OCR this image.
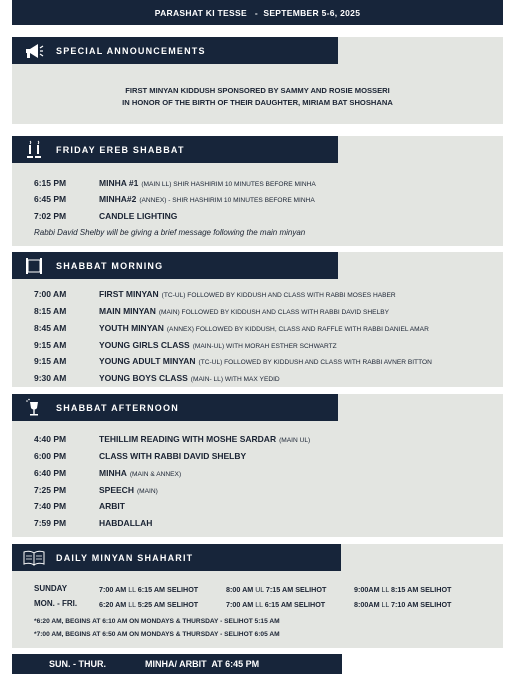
PARASHAT KI TESSE   -  SEPTEMBER 5-6, 2025
SPECIAL ANNOUNCEMENTS
FIRST MINYAN KIDDUSH SPONSORED BY SAMMY AND ROSIE MOSSERI
IN HONOR OF THE BIRTH OF THEIR DAUGHTER, MIRIAM BAT SHOSHANA
FRIDAY EREB SHABBAT
6:15 PM	MINHA #1 (MAIN LL) SHIR HASHIRIM 10 MINUTES BEFORE MINHA
6:45 PM	MINHA#2 (ANNEX) - SHIR HASHIRIM 10 MINUTES BEFORE MINHA
7:02 PM	CANDLE LIGHTING
Rabbi David Shelby will be giving a brief message following the main minyan
SHABBAT MORNING
7:00 AM	FIRST MINYAN (TC-UL) FOLLOWED BY KIDDUSH AND CLASS WITH RABBI MOSES HABER
8:15 AM	MAIN MINYAN (MAIN) FOLLOWED BY KIDDUSH AND CLASS WITH RABBI DAVID SHELBY
8:45 AM	YOUTH MINYAN (ANNEX) FOLLOWED BY KIDDUSH, CLASS AND RAFFLE WITH RABBI DANIEL AMAR
9:15 AM	YOUNG GIRLS CLASS (MAIN-UL) WITH MORAH ESTHER SCHWARTZ
9:15 AM	YOUNG ADULT MINYAN (TC-UL) FOLLOWED BY KIDDUSH AND CLASS WITH RABBI AVNER BITTON
9:30 AM	YOUNG BOYS CLASS (MAIN- LL) WITH MAX YEDID
SHABBAT AFTERNOON
4:40 PM	TEHILLIM READING WITH MOSHE SARDAR (MAIN UL)
6:00 PM	CLASS WITH RABBI DAVID SHELBY
6:40 PM	MINHA (MAIN & ANNEX)
7:25 PM	SPEECH (MAIN)
7:40 PM	ARBIT
7:59 PM	HABDALLAH
DAILY MINYAN SHAHARIT
SUNDAY	7:00 AM LL 6:15 AM SELIHOT	8:00 AM UL 7:15 AM SELIHOT	9:00AM LL 8:15 AM SELIHOT
MON. - FRI.	6:20 AM LL 5:25 AM SELIHOT	7:00 AM LL 6:15 AM SELIHOT	8:00AM LL 7:10 AM SELIHOT
*6:20 AM, BEGINS AT 6:10 AM ON MONDAYS & THURSDAY - SELIHOT 5:15 AM
*7:00 AM, BEGINS AT 6:50 AM ON MONDAYS & THURSDAY - SELIHOT 6:05 AM
SUN. - THUR.	MINHA/ ARBIT  AT 6:45 PM
